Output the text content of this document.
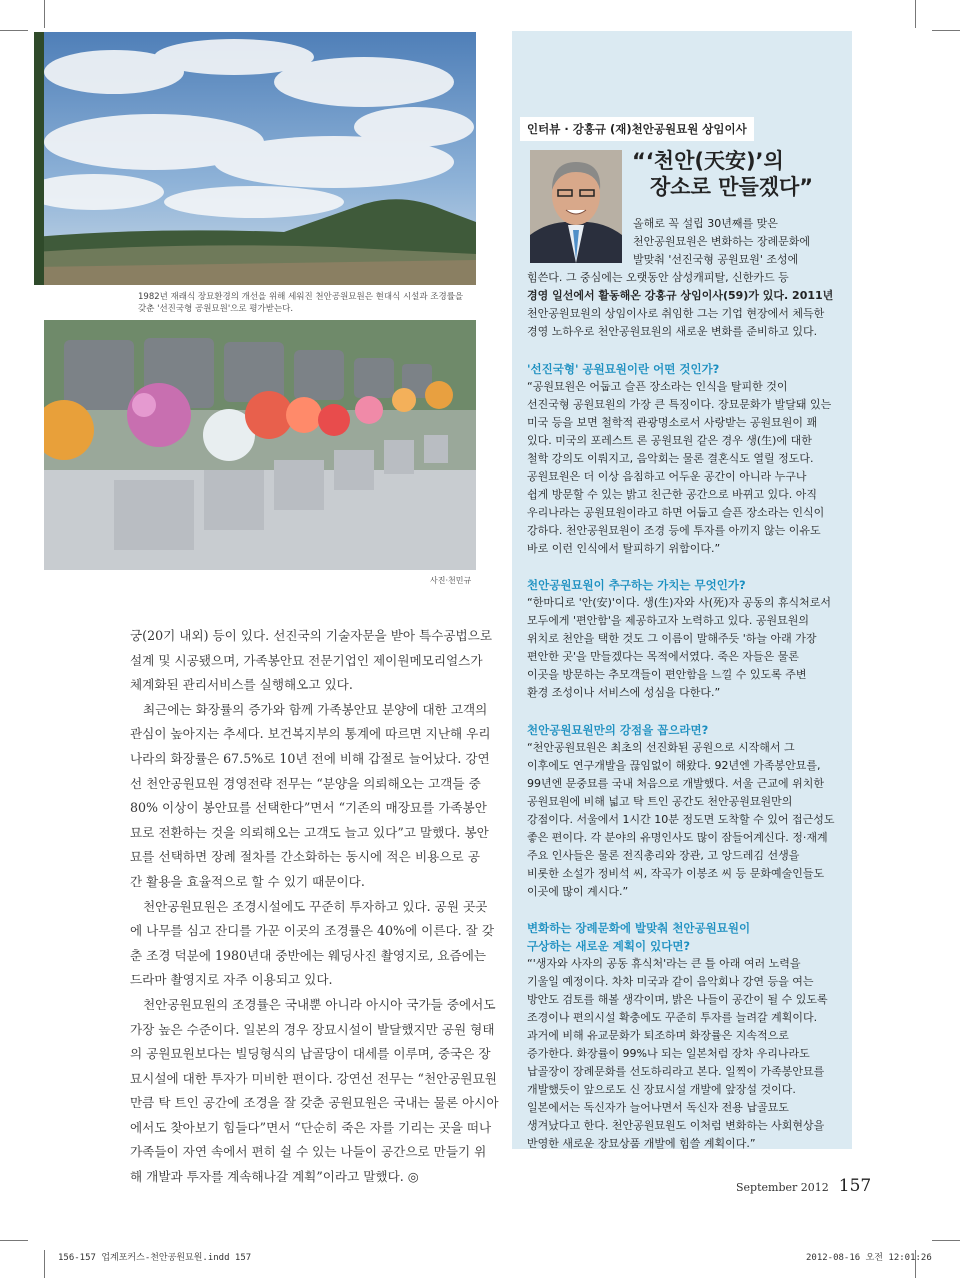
1982년 재래식 장묘환경의 개선을 위해 세워진 천안공원묘원은 현대식 시설과 조경률을
갖춘 '선진국형 공원묘원'으로 평가받는다.
사진·천민규
궁(20기 내외) 등이 있다. 선진국의 기술자문을 받아 특수공법으로
설계 및 시공됐으며, 가족봉안묘 전문기업인 제이원메모리얼스가
체계화된 관리서비스를 실행해오고 있다.
최근에는 화장률의 증가와 함께 가족봉안묘 분양에 대한 고객의
관심이 높아지는 추세다. 보건복지부의 통계에 따르면 지난해 우리
나라의 화장률은 67.5%로 10년 전에 비해 갑절로 늘어났다. 강연
선 천안공원묘원 경영전략 전무는 “분양을 의뢰해오는 고객들 중
80% 이상이 봉안묘를 선택한다”면서 “기존의 매장묘를 가족봉안
묘로 전환하는 것을 의뢰해오는 고객도 늘고 있다”고 말했다. 봉안
묘를 선택하면 장례 절차를 간소화하는 동시에 적은 비용으로 공
간 활용을 효율적으로 할 수 있기 때문이다.
천안공원묘원은 조경시설에도 꾸준히 투자하고 있다. 공원 곳곳
에 나무를 심고 잔디를 가꾼 이곳의 조경률은 40%에 이른다. 잘 갖
춘 조경 덕분에 1980년대 중반에는 웨딩사진 촬영지로, 요즘에는
드라마 촬영지로 자주 이용되고 있다.
천안공원묘원의 조경률은 국내뿐 아니라 아시아 국가들 중에서도
가장 높은 수준이다. 일본의 경우 장묘시설이 발달했지만 공원 형태
의 공원묘원보다는 빌딩형식의 납골당이 대세를 이루며, 중국은 장
묘시설에 대한 투자가 미비한 편이다. 강연선 전무는 “천안공원묘원
만큼 탁 트인 공간에 조경을 잘 갖춘 공원묘원은 국내는 물론 아시아
에서도 찾아보기 힘들다”면서 “단순히 죽은 자를 기리는 곳을 떠나
가족들이 자연 속에서 편히 쉴 수 있는 나들이 공간으로 만들기 위
해 개발과 투자를 계속해나갈 계획”이라고 말했다. ◎
인터뷰 · 강홍규 (재)천안공원묘원 상임이사
“‘천안(天安)’의
장소로 만들겠다”
올해로 꼭 설립 30년째를 맞은
천안공원묘원은 변화하는 장례문화에
발맞춰 '선진국형 공원묘원' 조성에
힘쓴다. 그 중심에는 오랫동안 삼성캐피탈, 신한카드 등
경영 일선에서 활동해온 강홍규 상임이사(59)가 있다. 2011년
천안공원묘원의 상임이사로 취임한 그는 기업 현장에서 체득한
경영 노하우로 천안공원묘원의 새로운 변화를 준비하고 있다.
'선진국형' 공원묘원이란 어떤 것인가?
“공원묘원은 어둡고 슬픈 장소라는 인식을 탈피한 것이
선진국형 공원묘원의 가장 큰 특징이다. 장묘문화가 발달돼 있는
미국 등을 보면 철학적 관광명소로서 사랑받는 공원묘원이 꽤
있다. 미국의 포레스트 론 공원묘원 같은 경우 생(生)에 대한
철학 강의도 이뤄지고, 음악회는 물론 결혼식도 열릴 정도다.
공원묘원은 더 이상 음침하고 어두운 공간이 아니라 누구나
쉽게 방문할 수 있는 밝고 친근한 공간으로 바뀌고 있다. 아직
우리나라는 공원묘원이라고 하면 어둡고 슬픈 장소라는 인식이
강하다. 천안공원묘원이 조경 등에 투자를 아끼지 않는 이유도
바로 이런 인식에서 탈피하기 위함이다.”
천안공원묘원이 추구하는 가치는 무엇인가?
“한마디로 '안(安)'이다. 생(生)자와 사(死)자 공동의 휴식처로서
모두에게 '편안함'을 제공하고자 노력하고 있다. 공원묘원의
위치로 천안을 택한 것도 그 이름이 말해주듯 '하늘 아래 가장
편안한 곳'을 만들겠다는 목적에서였다. 죽은 자들은 물론
이곳을 방문하는 추모객들이 편안함을 느낄 수 있도록 주변
환경 조성이나 서비스에 성심을 다한다.”
천안공원묘원만의 강점을 꼽으라면?
“천안공원묘원은 최초의 선진화된 공원으로 시작해서 그
이후에도 연구개발을 끊임없이 해왔다. 92년엔 가족봉안묘를,
99년엔 문중묘를 국내 처음으로 개발했다. 서울 근교에 위치한
공원묘원에 비해 넓고 탁 트인 공간도 천안공원묘원만의
강점이다. 서울에서 1시간 10분 정도면 도착할 수 있어 접근성도
좋은 편이다. 각 분야의 유명인사도 많이 잠들어계신다. 정·재계
주요 인사들은 물론 전직총리와 장관, 고 앙드레김 선생을
비롯한 소설가 정비석 씨, 작곡가 이봉조 씨 등 문화예술인들도
이곳에 많이 계시다.”
변화하는 장례문화에 발맞춰 천안공원묘원이
구상하는 새로운 계획이 있다면?
“'생자와 사자의 공동 휴식처'라는 큰 틀 아래 여러 노력을
기울일 예정이다. 차차 미국과 같이 음악회나 강연 등을 여는
방안도 검토를 해볼 생각이며, 밝은 나들이 공간이 될 수 있도록
조경이나 편의시설 확충에도 꾸준히 투자를 늘려갈 계획이다.
과거에 비해 유교문화가 퇴조하며 화장률은 지속적으로
증가한다. 화장률이 99%나 되는 일본처럼 장차 우리나라도
납골장이 장례문화를 선도하리라고 본다. 일찍이 가족봉안묘를
개발했듯이 앞으로도 신 장묘시설 개발에 앞장설 것이다.
일본에서는 독신자가 늘어나면서 독신자 전용 납골묘도
생겨났다고 한다. 천안공원묘원도 이처럼 변화하는 사회현상을
반영한 새로운 장묘상품 개발에 힘쓸 계획이다.”
September 2012 157
156-157 업계포커스-천안공원묘원.indd 157	2012-08-16 오전 12:01:26
